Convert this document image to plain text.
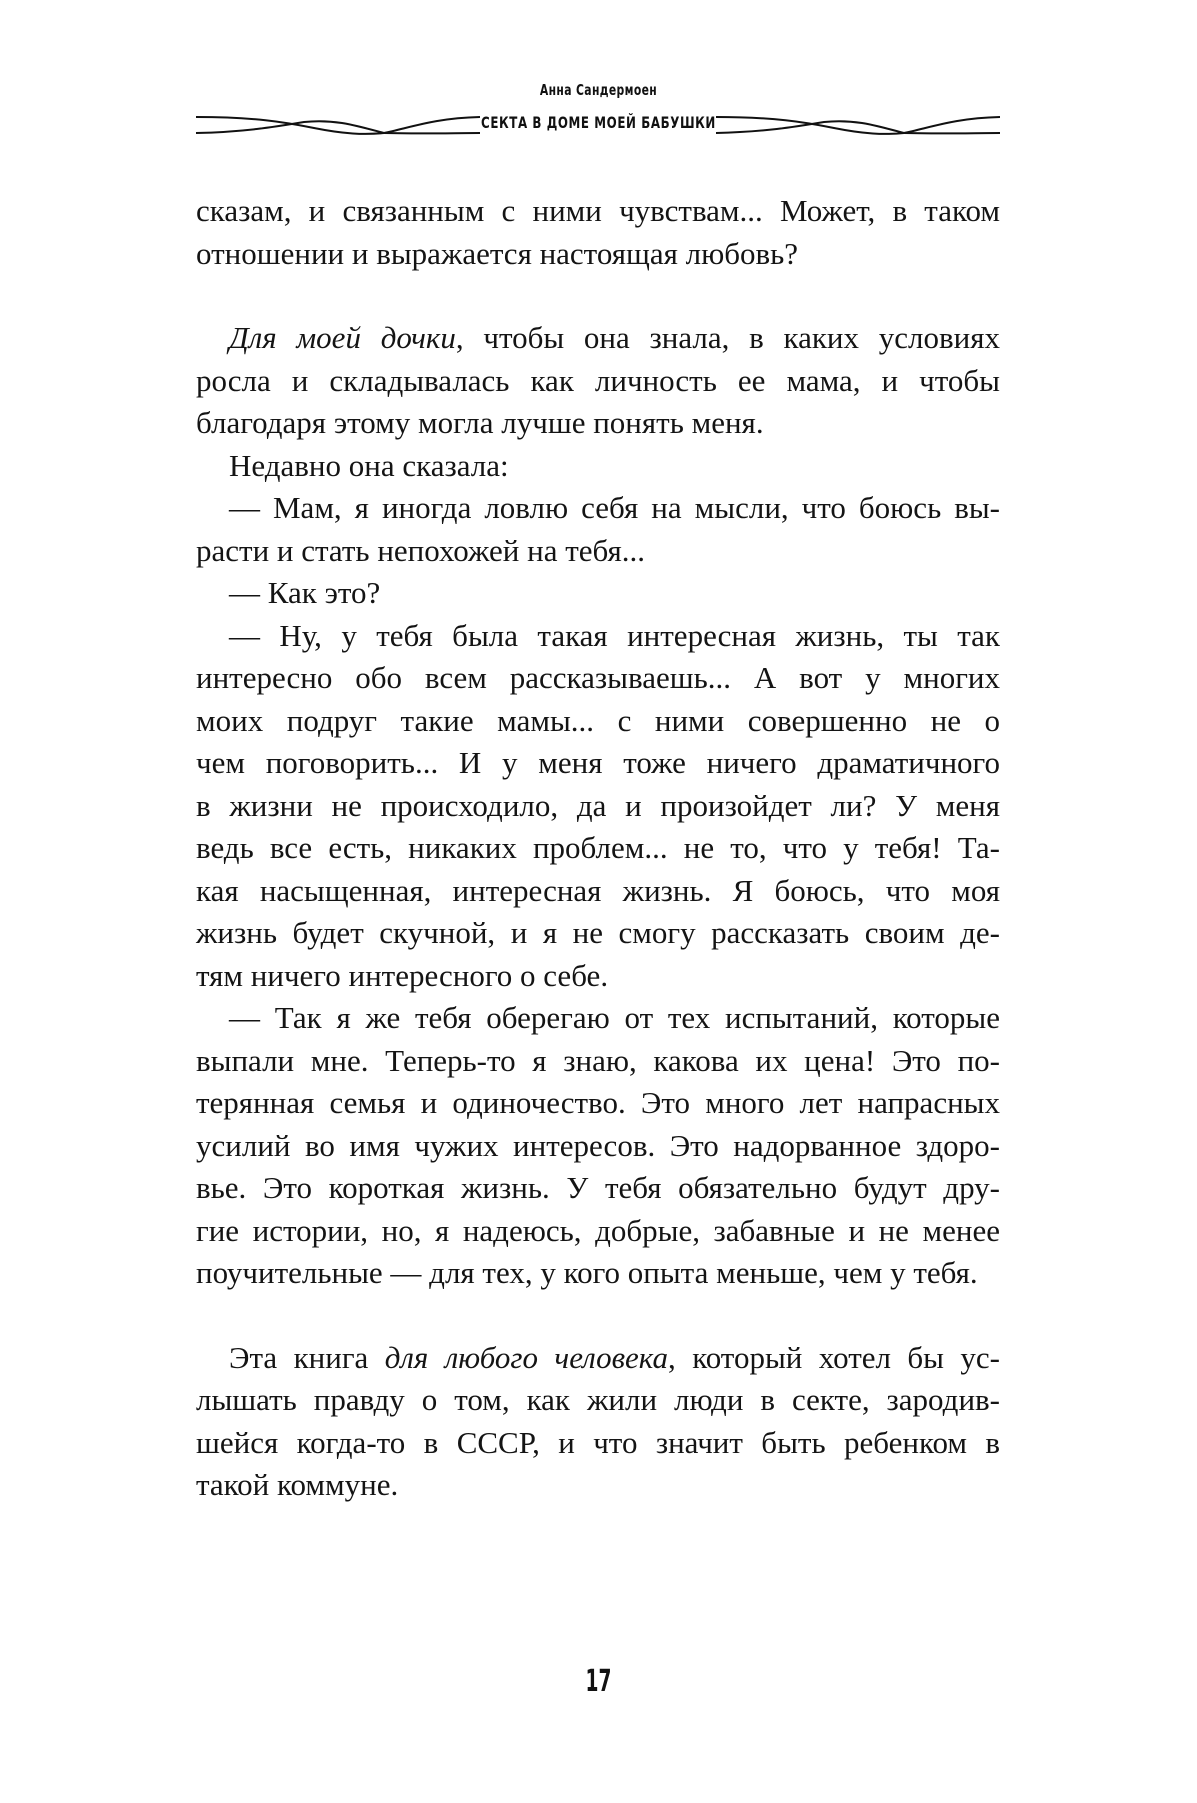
Анна Сандермоен
СЕКТА В ДОМЕ МОЕЙ БАБУШКИ

сказам, и связанным с ними чувствам... Может, в таком
отношении и выражается настоящая любовь?

Для моей дочки, чтобы она знала, в каких условиях
росла и складывалась как личность ее мама, и чтобы
благодаря этому могла лучше понять меня.

Недавно она сказала:

— Мам, я иногда ловлю себя на мысли, что боюсь вы-
расти и стать непохожей на тебя...

— Как это?

— Ну, у тебя была такая интересная жизнь, ты так
интересно обо всем рассказываешь... А вот у многих
моих подруг такие мамы... с ними совершенно не о
чем поговорить... И у меня тоже ничего драматичного
в жизни не происходило, да и произойдет ли? У меня
ведь все есть, никаких проблем... не то, что у тебя! Та-
кая насыщенная, интересная жизнь. Я боюсь, что моя
жизнь будет скучной, и я не смогу рассказать своим де-
тям ничего интересного о себе.

— Так я же тебя оберегаю от тех испытаний, которые
выпали мне. Теперь-то я знаю, какова их цена! Это по-
терянная семья и одиночество. Это много лет напрасных
усилий во имя чужих интересов. Это надорванное здоро-
вье. Это короткая жизнь. У тебя обязательно будут дру-
гие истории, но, я надеюсь, добрые, забавные и не менее
поучительные — для тех, у кого опыта меньше, чем у тебя.

Эта книга для любого человека, который хотел бы ус-
лышать правду о том, как жили люди в секте, зародив-
шейся когда-то в СССР, и что значит быть ребенком в
такой коммуне.

17
